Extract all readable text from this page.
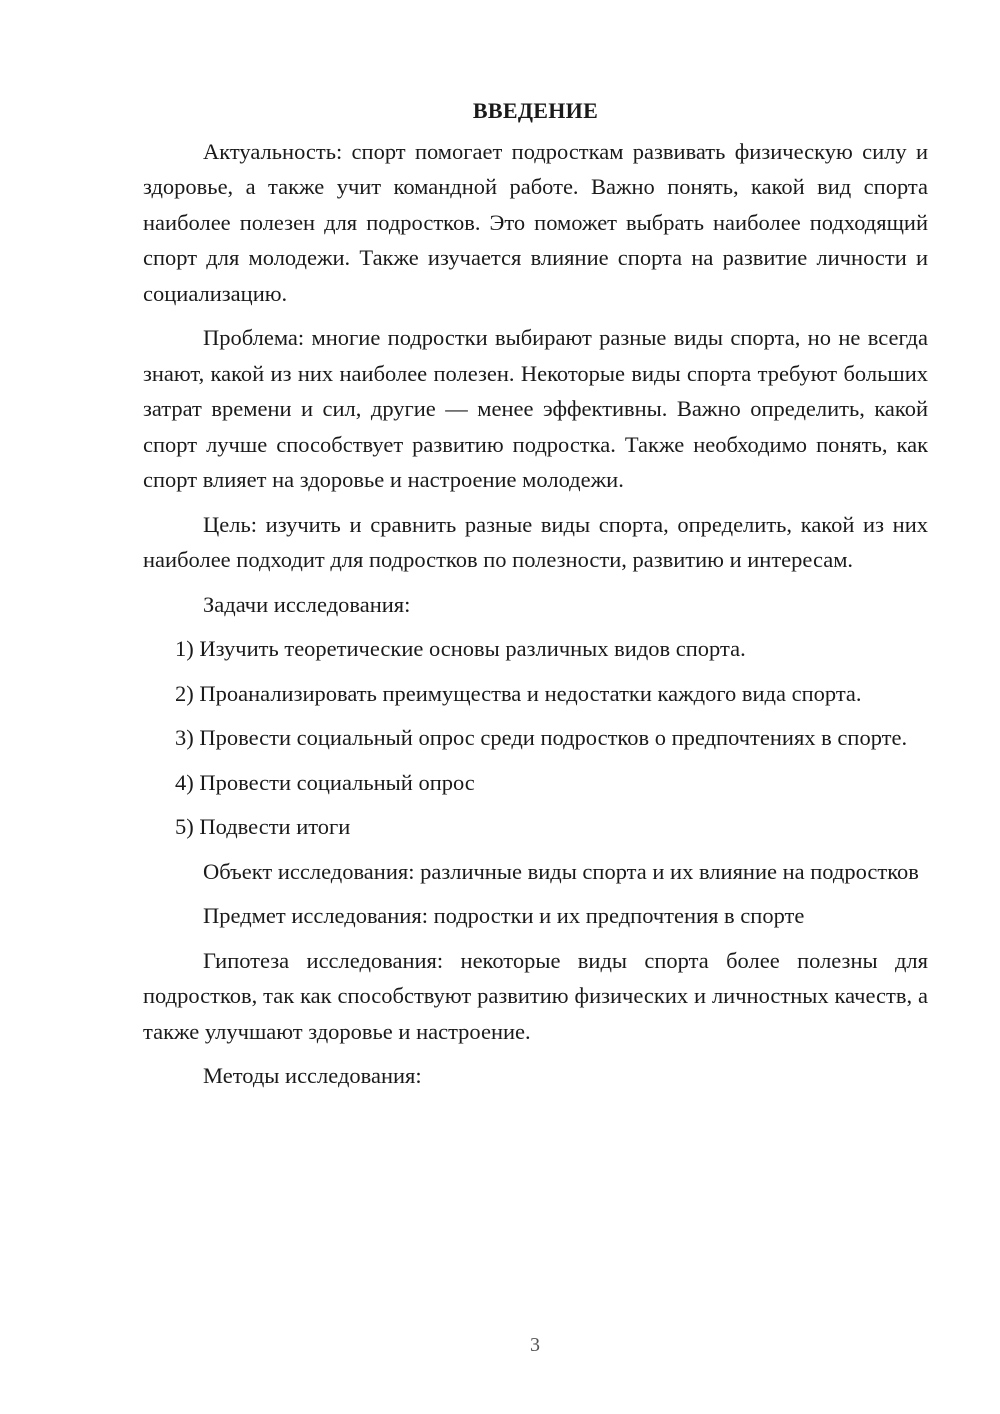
ВВЕДЕНИЕ

Актуальность: спорт помогает подросткам развивать физическую силу и здоровье, а также учит командной работе. Важно понять, какой вид спорта наиболее полезен для подростков. Это поможет выбрать наиболее подходящий спорт для молодежи. Также изучается влияние спорта на развитие личности и социализацию.

Проблема: многие подростки выбирают разные виды спорта, но не всегда знают, какой из них наиболее полезен. Некоторые виды спорта требуют больших затрат времени и сил, другие — менее эффективны. Важно определить, какой спорт лучше способствует развитию подростка. Также необходимо понять, как спорт влияет на здоровье и настроение молодежи.

Цель: изучить и сравнить разные виды спорта, определить, какой из них наиболее подходит для подростков по полезности, развитию и интересам.

Задачи исследования:

1) Изучить теоретические основы различных видов спорта.

2) Проанализировать преимущества и недостатки каждого вида спорта.

3) Провести социальный опрос среди подростков о предпочтениях в спорте.

4) Провести социальный опрос

5) Подвести итоги

Объект исследования: различные виды спорта и их влияние на подростков

Предмет исследования: подростки и их предпочтения в спорте

Гипотеза исследования: некоторые виды спорта более полезны для подростков, так как способствуют развитию физических и личностных качеств, а также улучшают здоровье и настроение.

Методы исследования:

3
